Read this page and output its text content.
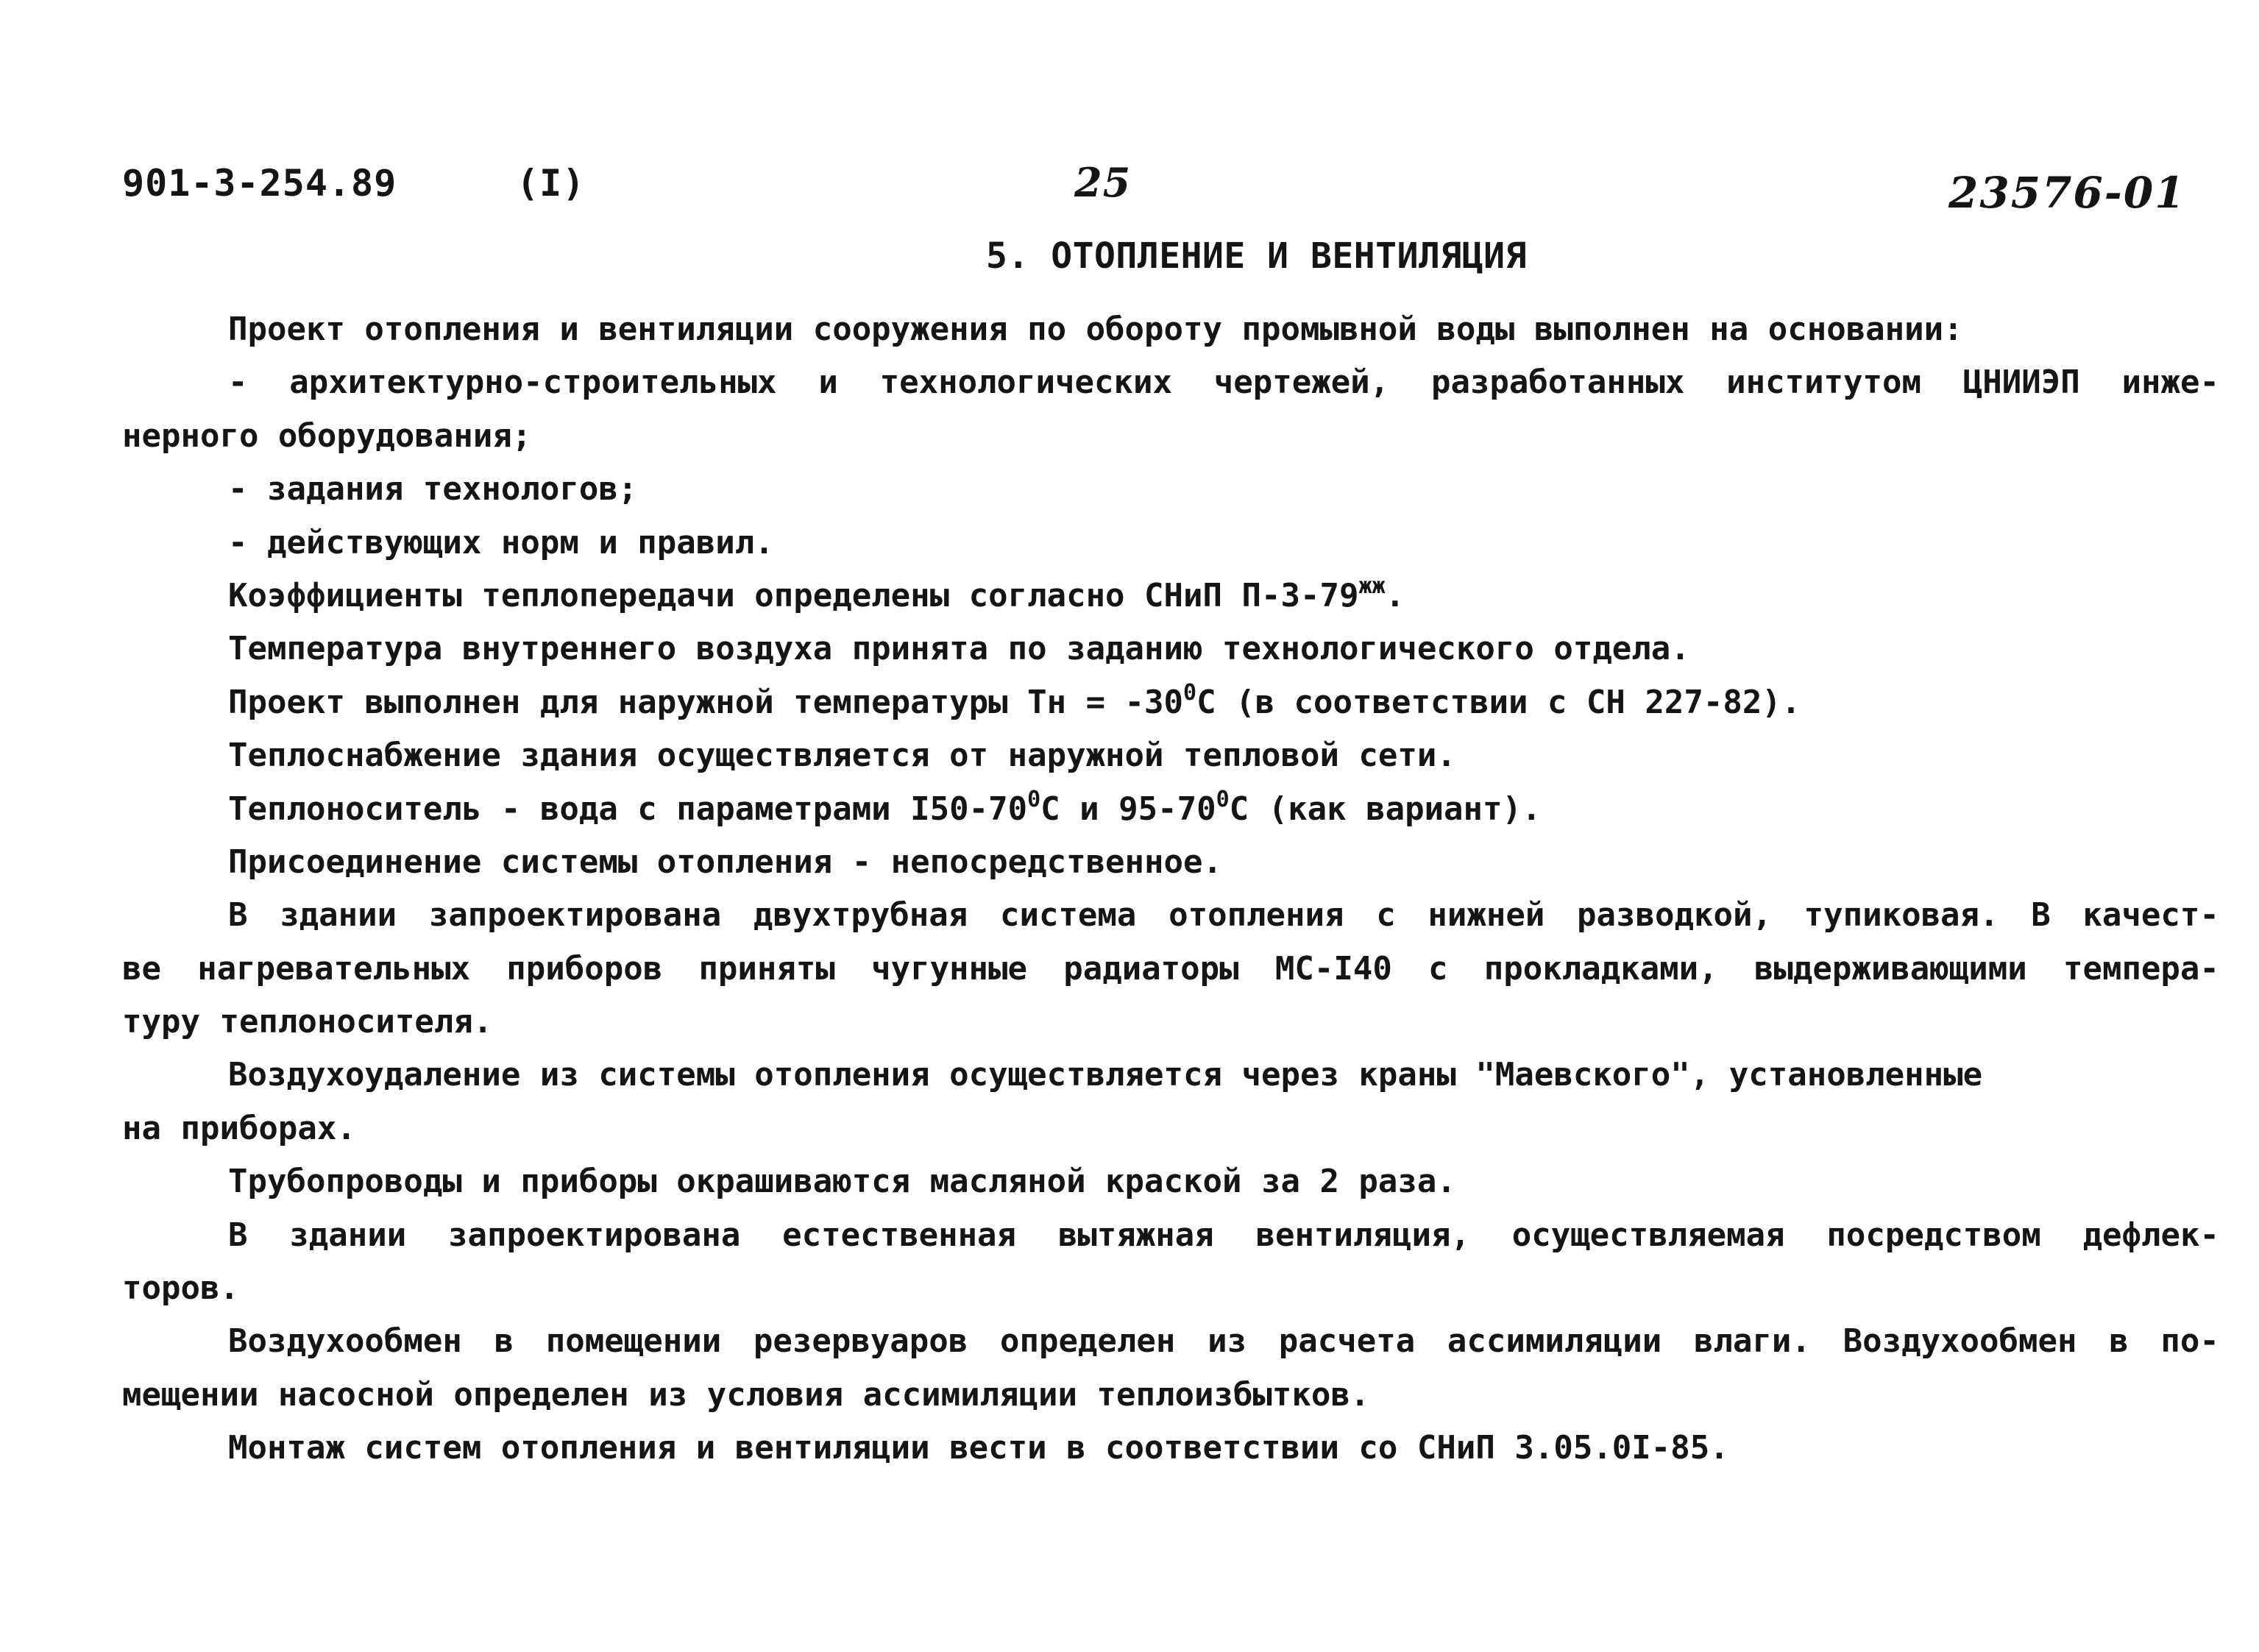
901-3-254.89	(I)	25	23576-01
5. ОТОПЛЕНИЕ И ВЕНТИЛЯЦИЯ
Проект отопления и вентиляции сооружения по обороту промывной воды выполнен на основании:
- архитектурно-строительных и технологических чертежей, разработанных институтом ЦНИИЭП инже-
нерного оборудования;
- задания технологов;
- действующих норм и правил.
Коэффициенты теплопередачи определены согласно СНиП $П-3-79^{жж}$.
Температура внутреннего воздуха принята по заданию технологического отдела.
Проект выполнен для наружной температуры Тн = $-30^0С$ (в соответствии с СН 227-82).
Теплоснабжение здания осуществляется от наружной тепловой сети.
Теплоноситель - вода с параметрами $I50-70^0С$ и $95-70^0С$ (как вариант).
Присоединение системы отопления - непосредственное.
В здании запроектирована двухтрубная система отопления с нижней разводкой, тупиковая. В качест-
ве нагревательных приборов приняты чугунные радиаторы МС-I40 с прокладками, выдерживающими темпера-
туру теплоносителя.
Воздухоудаление из системы отопления осуществляется через краны "Маевского", установленные
на приборах.
Трубопроводы и приборы окрашиваются масляной краской за 2 раза.
В здании запроектирована естественная вытяжная вентиляция, осуществляемая посредством дефлек-
торов.
Воздухообмен в помещении резервуаров определен из расчета ассимиляции влаги. Воздухообмен в по-
мещении насосной определен из условия ассимиляции теплоизбытков.
Монтаж систем отопления и вентиляции вести в соответствии со СНиП 3.05.0I-85.
